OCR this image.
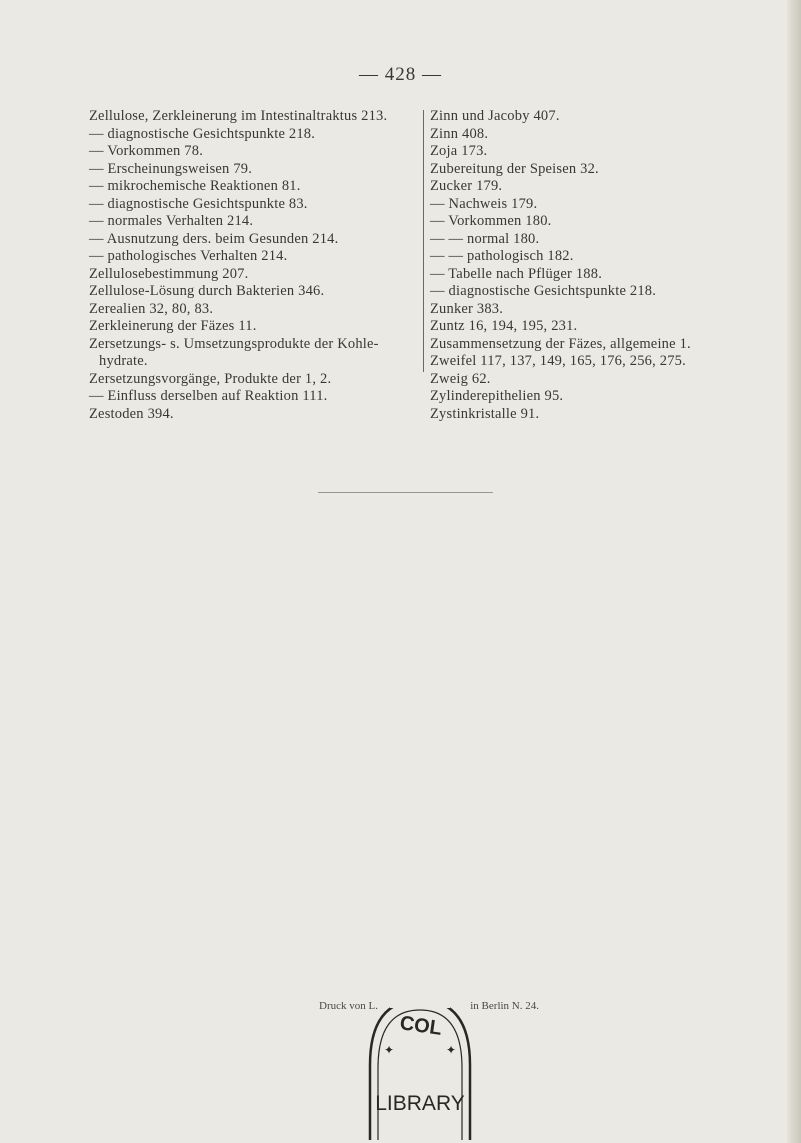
— 428 —

Zellulose, Zerkleinerung im Intestinaltraktus 213.

— diagnostische Gesichtspunkte 218.

— Vorkommen 78.

— Erscheinungsweisen 79.

— mikrochemische Reaktionen 81.

— diagnostische Gesichtspunkte 83.

— normales Verhalten 214.

— Ausnutzung ders. beim Gesunden 214.

— pathologisches Verhalten 214.

Zellulosebestimmung 207.

Zellulose-Lösung durch Bakterien 346.

Zerealien 32, 80, 83.

Zerkleinerung der Fäzes 11.

Zersetzungs- s. Umsetzungsprodukte der Kohle-hydrate.

Zersetzungsvorgänge, Produkte der 1, 2.

— Einfluss derselben auf Reaktion 111.

Zestoden 394.

Zinn und Jacoby 407.

Zinn 408.

Zoja 173.

Zubereitung der Speisen 32.

Zucker 179.

— Nachweis 179.

— Vorkommen 180.

— — normal 180.

— — pathologisch 182.

— Tabelle nach Pflüger 188.

— diagnostische Gesichtspunkte 218.

Zunker 383.

Zuntz 16, 194, 195, 231.

Zusammensetzung der Fäzes, allgemeine 1.

Zweifel 117, 137, 149, 165, 176, 256, 275.

Zweig 62.

Zylinderepithelien 95.

Zystinkristalle 91.

Druck von L.	in Berlin N. 24.
COL
LIBRARY
✦	✦
